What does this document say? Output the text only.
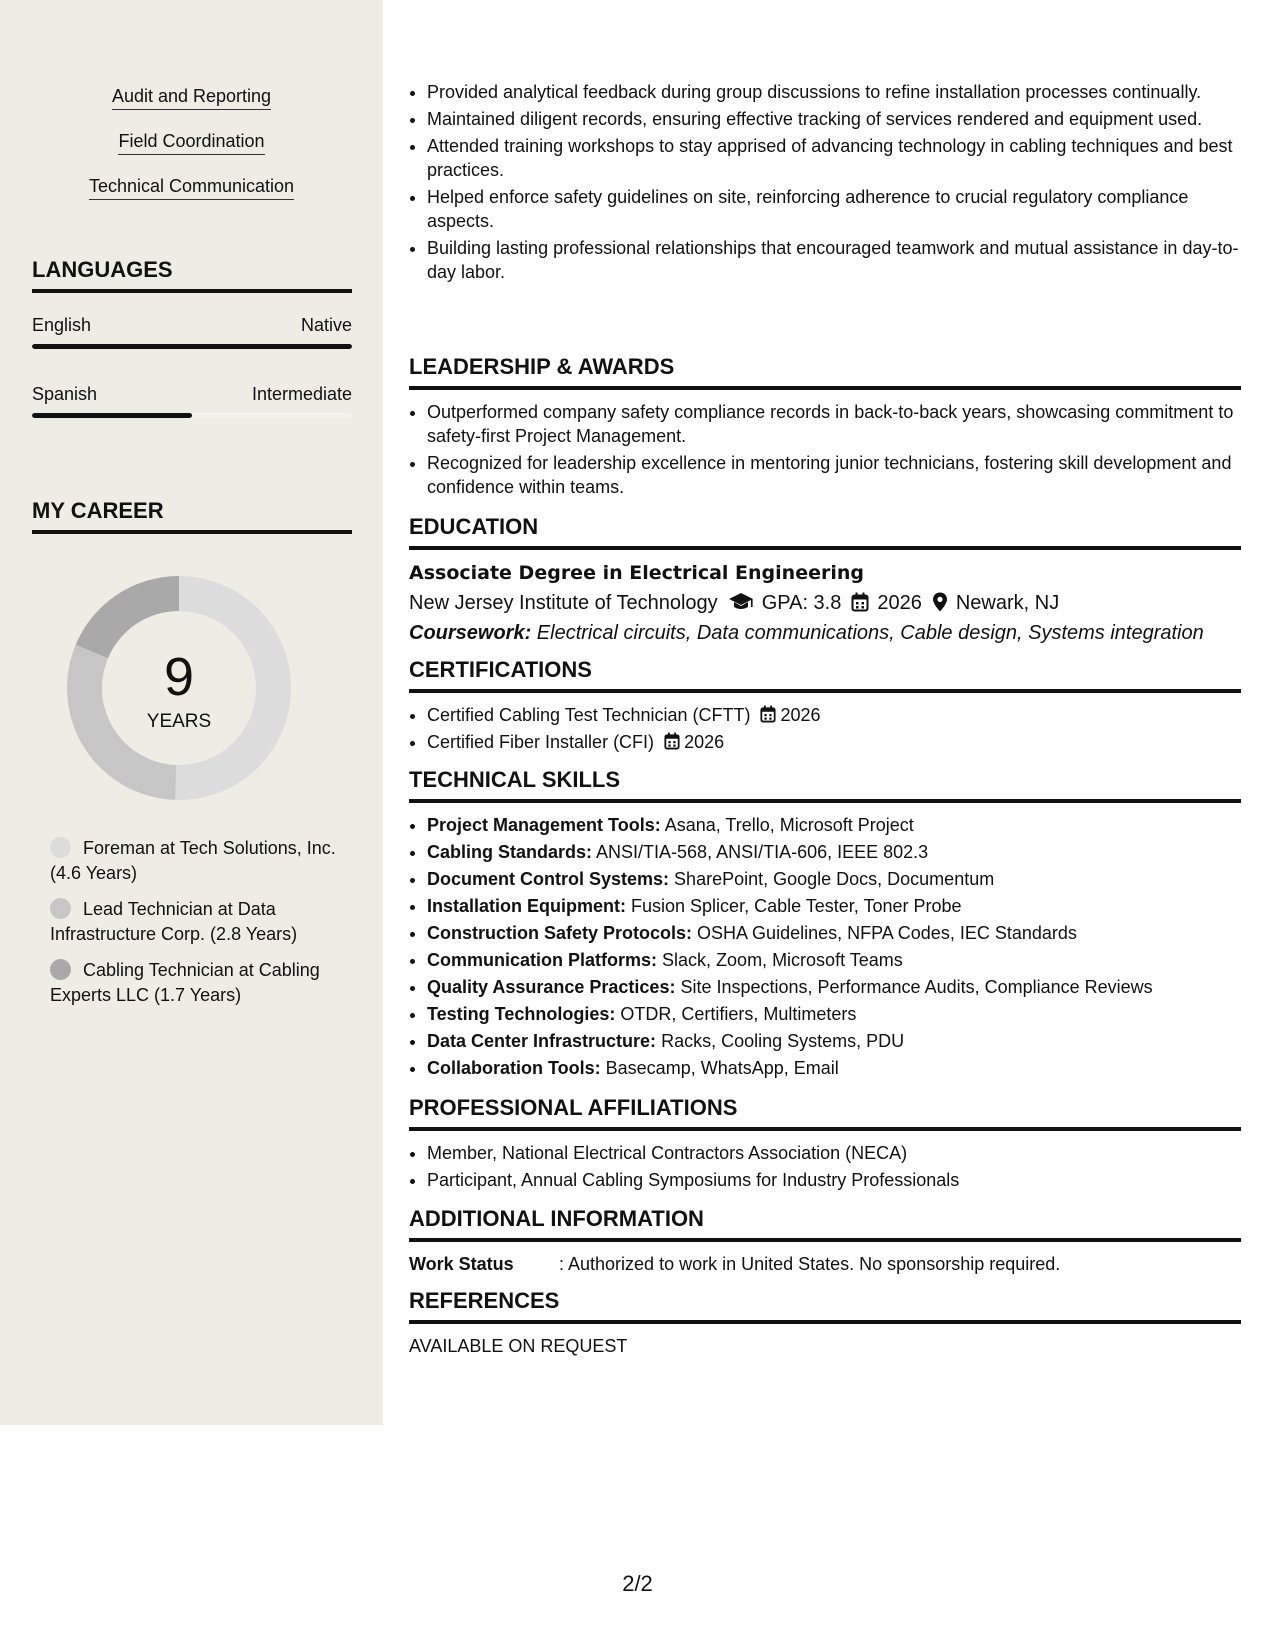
Audit and Reporting
Field Coordination
Technical Communication
LANGUAGES
English	Native
Spanish	Intermediate
MY CAREER
9
YEARS
Foreman at Tech Solutions, Inc. (4.6 Years)
Lead Technician at Data Infrastructure Corp. (2.8 Years)
Cabling Technician at Cabling Experts LLC (1.7 Years)
• Provided analytical feedback during group discussions to refine installation processes continually.
• Maintained diligent records, ensuring effective tracking of services rendered and equipment used.
• Attended training workshops to stay apprised of advancing technology in cabling techniques and best practices.
• Helped enforce safety guidelines on site, reinforcing adherence to crucial regulatory compliance aspects.
• Building lasting professional relationships that encouraged teamwork and mutual assistance in day-to-day labor.
LEADERSHIP & AWARDS
• Outperformed company safety compliance records in back-to-back years, showcasing commitment to safety-first Project Management.
• Recognized for leadership excellence in mentoring junior technicians, fostering skill development and confidence within teams.
EDUCATION
Associate Degree in Electrical Engineering
New Jersey Institute of Technology GPA: 3.8 2026 Newark, NJ
Coursework: Electrical circuits, Data communications, Cable design, Systems integration
CERTIFICATIONS
• Certified Cabling Test Technician (CFTT) 2026
• Certified Fiber Installer (CFI) 2026
TECHNICAL SKILLS
• Project Management Tools: Asana, Trello, Microsoft Project
• Cabling Standards: ANSI/TIA-568, ANSI/TIA-606, IEEE 802.3
• Document Control Systems: SharePoint, Google Docs, Documentum
• Installation Equipment: Fusion Splicer, Cable Tester, Toner Probe
• Construction Safety Protocols: OSHA Guidelines, NFPA Codes, IEC Standards
• Communication Platforms: Slack, Zoom, Microsoft Teams
• Quality Assurance Practices: Site Inspections, Performance Audits, Compliance Reviews
• Testing Technologies: OTDR, Certifiers, Multimeters
• Data Center Infrastructure: Racks, Cooling Systems, PDU
• Collaboration Tools: Basecamp, WhatsApp, Email
PROFESSIONAL AFFILIATIONS
• Member, National Electrical Contractors Association (NECA)
• Participant, Annual Cabling Symposiums for Industry Professionals
ADDITIONAL INFORMATION
Work Status	: Authorized to work in United States. No sponsorship required.
REFERENCES
AVAILABLE ON REQUEST
2/2
